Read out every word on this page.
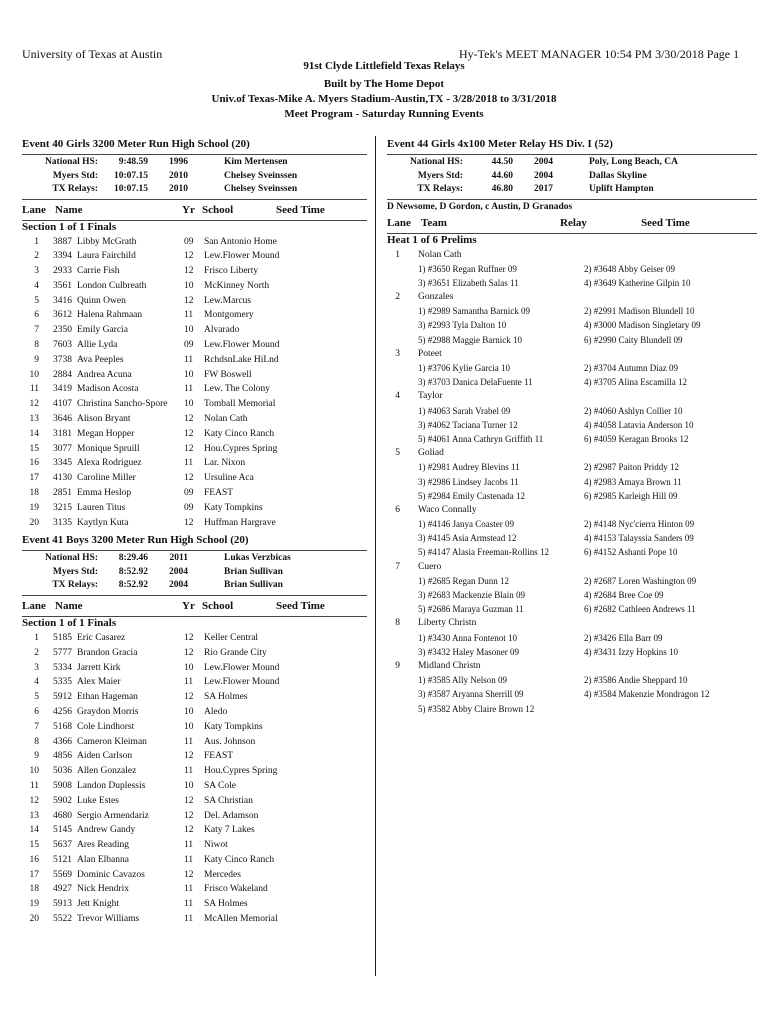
University of Texas at Austin	Hy-Tek's MEET MANAGER 10:54 PM 3/30/2018 Page 1
91st Clyde Littlefield Texas Relays
Built by The Home Depot
Univ.of Texas-Mike A. Myers Stadium-Austin,TX - 3/28/2018 to 3/31/2018
Meet Program - Saturday Running Events
Event 40 Girls 3200 Meter Run High School (20)
National HS:	9:48.59	1996	Kim Mertensen
Myers Std:	10:07.15	2010	Chelsey Sveinssen
TX Relays:	10:07.15	2010	Chelsey Sveinssen
Lane Name	Yr School	Seed Time
Section 1 of 1 Finals
1 3887 Libby McGrath	09 San Antonio Home
2 3394 Laura Fairchild	12 Lew.Flower Mound
3 2933 Carrie Fish	12 Frisco Liberty
4 3561 London Culbreath	10 McKinney North
5 3416 Quinn Owen	12 Lew.Marcus
6 3612 Halena Rahmaan	11 Montgomery
7 2350 Emily Garcia	10 Alvarado
8 7603 Allie Lyda	09 Lew.Flower Mound
9 3738 Ava Peeples	11 RchdsnLake HiLnd
10 2884 Andrea Acuna	10 FW Boswell
11 3419 Madison Acosta	11 Lew. The Colony
12 4107 Christina Sancho-Spore	10 Tomball Memorial
13 3646 Alison Bryant	12 Nolan Cath
14 3181 Megan Hopper	12 Katy Cinco Ranch
15 3077 Monique Spruill	12 Hou.Cypres Spring
16 3345 Alexa Rodriguez	11 Lar. Nixon
17 4130 Caroline Miller	12 Ursuline Aca
18 2851 Emma Heslop	09 FEAST
19 3215 Lauren Titus	09 Katy Tompkins
20 3135 Kaytlyn Kuta	12 Huffman Hargrave
Event 41 Boys 3200 Meter Run High School (20)
National HS:	8:29.46	2011	Lukas Verzbicas
Myers Std:	8:52.92	2004	Brian Sullivan
TX Relays:	8:52.92	2004	Brian Sullivan
Lane Name	Yr School	Seed Time
Section 1 of 1 Finals
1 5185 Eric Casarez	12 Keller Central
2 5777 Brandon Gracia	12 Rio Grande City
3 5334 Jarrett Kirk	10 Lew.Flower Mound
4 5335 Alex Maier	11 Lew.Flower Mound
5 5912 Ethan Hageman	12 SA Holmes
6 4256 Graydon Morris	10 Aledo
7 5168 Cole Lindhorst	10 Katy Tompkins
8 4366 Cameron Kleiman	11 Aus. Johnson
9 4856 Aiden Carlson	12 FEAST
10 5036 Allen Gonzalez	11 Hou.Cypres Spring
11 5908 Landon Duplessis	10 SA Cole
12 5902 Luke Estes	12 SA Christian
13 4680 Sergio Armendariz	12 Del. Adamson
14 5145 Andrew Gandy	12 Katy 7 Lakes
15 5637 Ares Reading	11 Niwot
16 5121 Alan Elbanna	11 Katy Cinco Ranch
17 5569 Dominic Cavazos	12 Mercedes
18 4927 Nick Hendrix	11 Frisco Wakeland
19 5913 Jett Knight	11 SA Holmes
20 5522 Trevor Williams	11 McAllen Memorial
Event 44 Girls 4x100 Meter Relay HS Div. I (52)
National HS:	44.50	2004	Poly, Long Beach, CA
Myers Std:	44.60	2004	Dallas Skyline
TX Relays:	46.80	2017	Uplift Hampton
D Newsome, D Gordon, c Austin, D Granados
Lane Team	Relay	Seed Time
Heat 1 of 6 Prelims
1 Nolan Cath
1) #3650 Regan Ruffner 09	2) #3648 Abby Geiser 09
3) #3651 Elizabeth Salas 11	4) #3649 Katherine Gilpin 10
2 Gonzales
1) #2989 Samantha Barnick 09	2) #2991 Madison Blundell 10
3) #2993 Tyla Dalton 10	4) #3000 Madison Singletary 09
5) #2988 Maggie Barnick 10	6) #2990 Caity Blundell 09
3 Poteet
1) #3706 Kylie Garcia 10	2) #3704 Autumn Diaz 09
3) #3703 Danica DelaFuente 11	4) #3705 Alina Escamilla 12
4 Taylor
1) #4063 Sarah Vrabel 09	2) #4060 Ashlyn Collier 10
3) #4062 Taciana Turner 12	4) #4058 Latavia Anderson 10
5) #4061 Anna Cathryn Griffith 11	6) #4059 Keragan Brooks 12
5 Goliad
1) #2981 Audrey Blevins 11	2) #2987 Paiton Priddy 12
3) #2986 Lindsey Jacobs 11	4) #2983 Amaya Brown 11
5) #2984 Emily Castenada 12	6) #2985 Karleigh Hill 09
6 Waco Connally
1) #4146 Janya Coaster 09	2) #4148 Nyc'cierra Hinton 09
3) #4145 Asia Armstead 12	4) #4153 Talayssia Sanders 09
5) #4147 Alasia Freeman-Rollins 12	6) #4152 Ashanti Pope 10
7 Cuero
1) #2685 Regan Dunn 12	2) #2687 Loren Washington 09
3) #2683 Mackenzie Blain 09	4) #2684 Bree Coe 09
5) #2686 Maraya Guzman 11	6) #2682 Cathleen Andrews 11
8 Liberty Christn
1) #3430 Anna Fontenot 10	2) #3426 Ella Barr 09
3) #3432 Haley Masoner 09	4) #3431 Izzy Hopkins 10
9 Midland Christn
1) #3585 Ally Nelson 09	2) #3586 Andie Sheppard 10
3) #3587 Aryanna Sherrill 09	4) #3584 Makenzie Mondragon 12
5) #3582 Abby Claire Brown 12
